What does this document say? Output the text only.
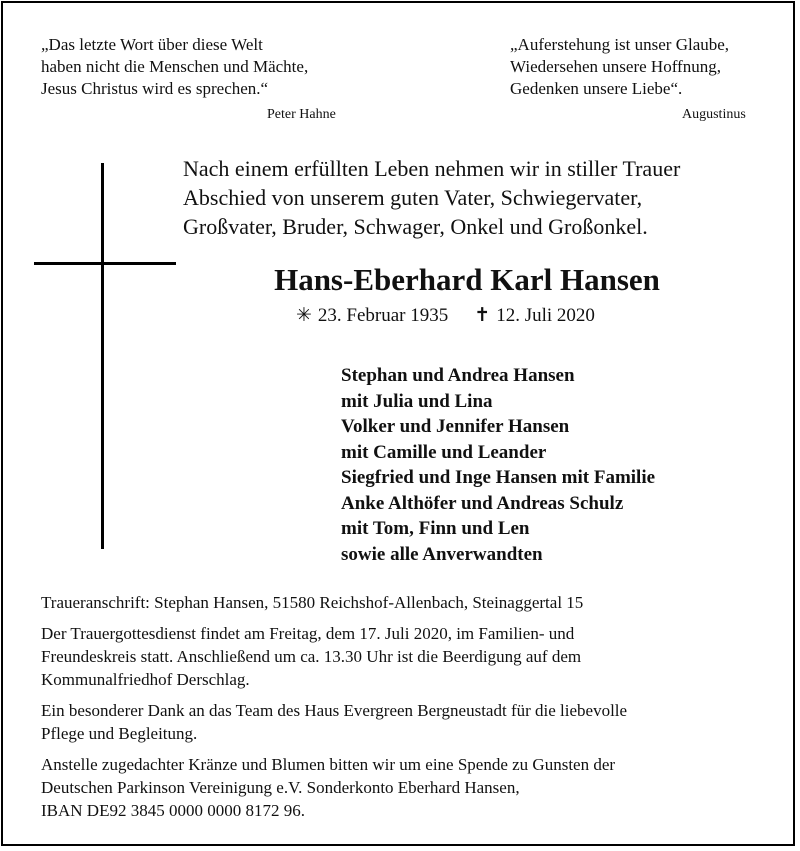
„Das letzte Wort über diese Welt
haben nicht die Menschen und Mächte,
Jesus Christus wird es sprechen.“
Peter Hahne
„Auferstehung ist unser Glaube,
Wiedersehen unsere Hoffnung,
Gedenken unsere Liebe“.
Augustinus
Nach einem erfüllten Leben nehmen wir in stiller Trauer
Abschied von unserem guten Vater, Schwiegervater,
Großvater, Bruder, Schwager, Onkel und Großonkel.
Hans-Eberhard Karl Hansen
✳ 23. Februar 1935 ✝ 12. Juli 2020
Stephan und Andrea Hansen
mit Julia und Lina
Volker und Jennifer Hansen
mit Camille und Leander
Siegfried und Inge Hansen mit Familie
Anke Althöfer und Andreas Schulz
mit Tom, Finn und Len
sowie alle Anverwandten
Traueranschrift: Stephan Hansen, 51580 Reichshof-Allenbach, Steinaggertal 15
Der Trauergottesdienst findet am Freitag, dem 17. Juli 2020, im Familien- und
Freundeskreis statt. Anschließend um ca. 13.30 Uhr ist die Beerdigung auf dem
Kommunalfriedhof Derschlag.
Ein besonderer Dank an das Team des Haus Evergreen Bergneustadt für die liebevolle
Pflege und Begleitung.
Anstelle zugedachter Kränze und Blumen bitten wir um eine Spende zu Gunsten der
Deutschen Parkinson Vereinigung e.V. Sonderkonto Eberhard Hansen,
IBAN DE92 3845 0000 0000 8172 96.
